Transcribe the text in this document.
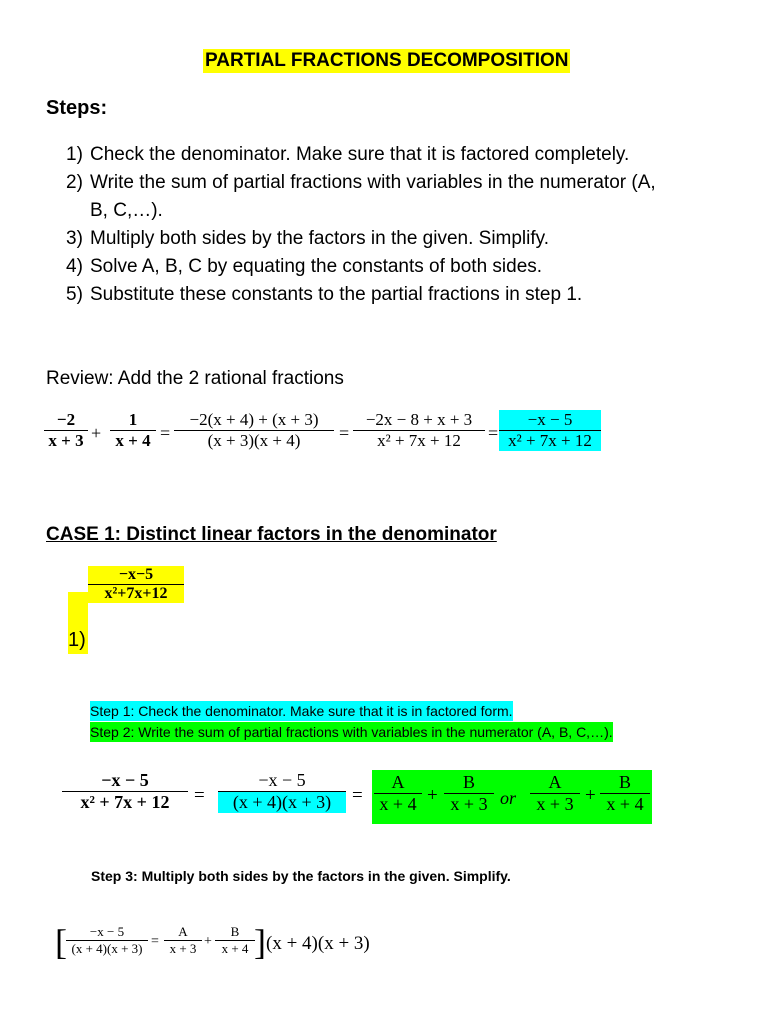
PARTIAL FRACTIONS DECOMPOSITION
Steps:
1) Check the denominator. Make sure that it is factored completely.
2) Write the sum of partial fractions with variables in the numerator (A,
B, C,…).
3) Multiply both sides by the factors in the given. Simplify.
4) Solve A, B, C by equating the constants of both sides.
5) Substitute these constants to the partial fractions in step 1.
Review: Add the 2 rational fractions
$\frac{-2}{x + 3} + \frac{1}{x + 4} = \frac{-2(x + 4) + (x + 3)}{(x + 3)(x + 4)} = \frac{-2x - 8 + x + 3}{\text{x² + 7x + 12}} = \frac{-x - 5}{\text{x² + 7x + 12}}$
CASE 1: Distinct linear factors in the denominator
$\frac{-x-5}{\text{x²+7x+12}}$
1)
Step 1: Check the denominator. Make sure that it is in factored form.
Step 2: Write the sum of partial fractions with variables in the numerator (A, B, C,…).
$\frac{-x - 5}{\text{x² + 7x + 12}} = \frac{-x - 5}{(x + 4)(x + 3)} = \frac{A}{x + 4} + \frac{B}{x + 3}$ or $\frac{A}{x + 3} + \frac{B}{x + 4}$
Step 3: Multiply both sides by the factors in the given. Simplify.
[ $\frac{-x - 5}{(x + 4)(x + 3)} = \frac{A}{x + 3} + \frac{B}{x + 4}$ ] (x + 4)(x + 3)
